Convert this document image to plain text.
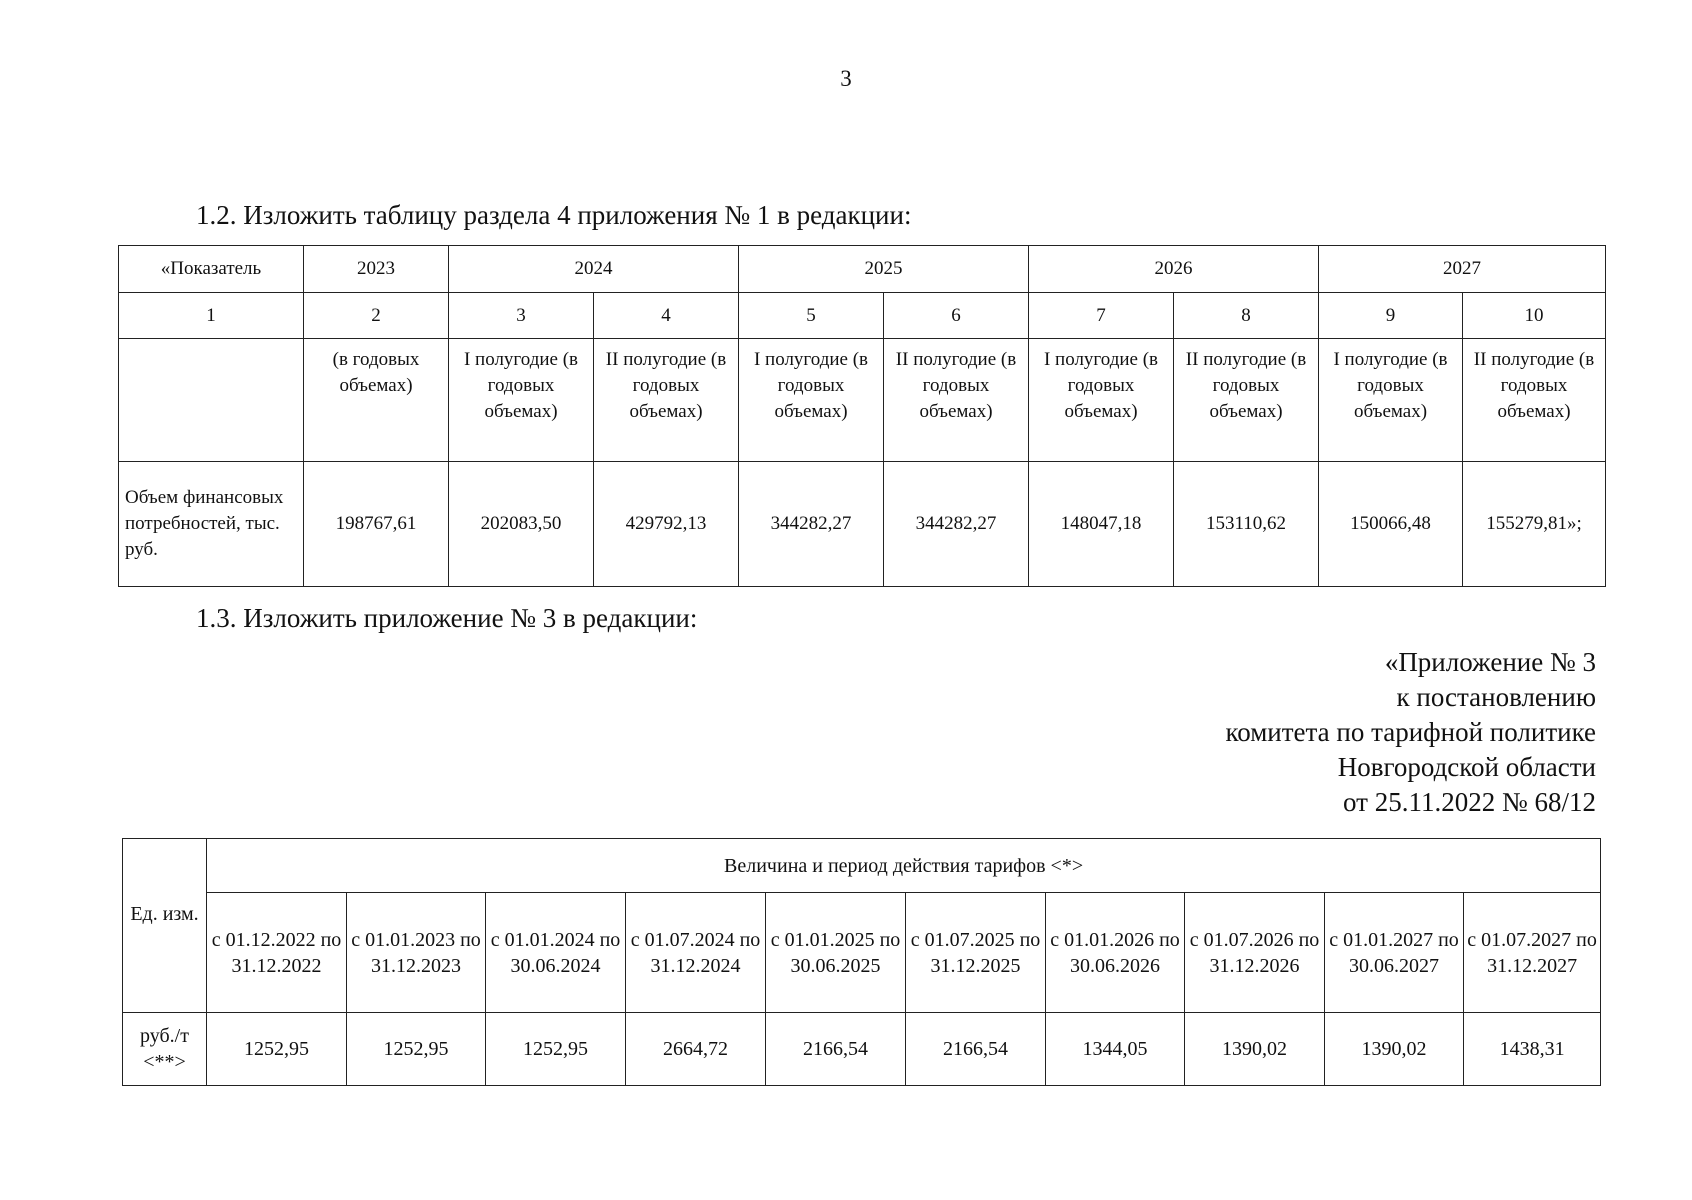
3
1.2. Изложить таблицу раздела 4 приложения № 1 в редакции:
«Показатель	2023	2024		2025		2026		2027	
1	2	3	4	5	6	7	8	9	10
	(в годовых объемах)	I полугодие (в годовых объемах)	II полугодие (в годовых объемах)	I полугодие (в годовых объемах)	II полугодие (в годовых объемах)	I полугодие (в годовых объемах)	II полугодие (в годовых объемах)	I полугодие (в годовых объемах)	II полугодие (в годовых объемах)
Объем финансовых потребностей, тыс. руб.	198767,61	202083,50	429792,13	344282,27	344282,27	148047,18	153110,62	150066,48	155279,81»;
1.3. Изложить приложение № 3 в редакции:
«Приложение № 3
к постановлению
комитета по тарифной политике
Новгородской области
от 25.11.2022 № 68/12
Ед. изм.	Величина и период действия тарифов <*>									
	с 01.12.2022 по 31.12.2022	с 01.01.2023 по 31.12.2023	с 01.01.2024 по 30.06.2024	с 01.07.2024 по 31.12.2024	с 01.01.2025 по 30.06.2025	с 01.07.2025 по 31.12.2025	с 01.01.2026 по 30.06.2026	с 01.07.2026 по 31.12.2026	с 01.01.2027 по 30.06.2027	с 01.07.2027 по 31.12.2027
руб./т <**>	1252,95	1252,95	1252,95	2664,72	2166,54	2166,54	1344,05	1390,02	1390,02	1438,31
